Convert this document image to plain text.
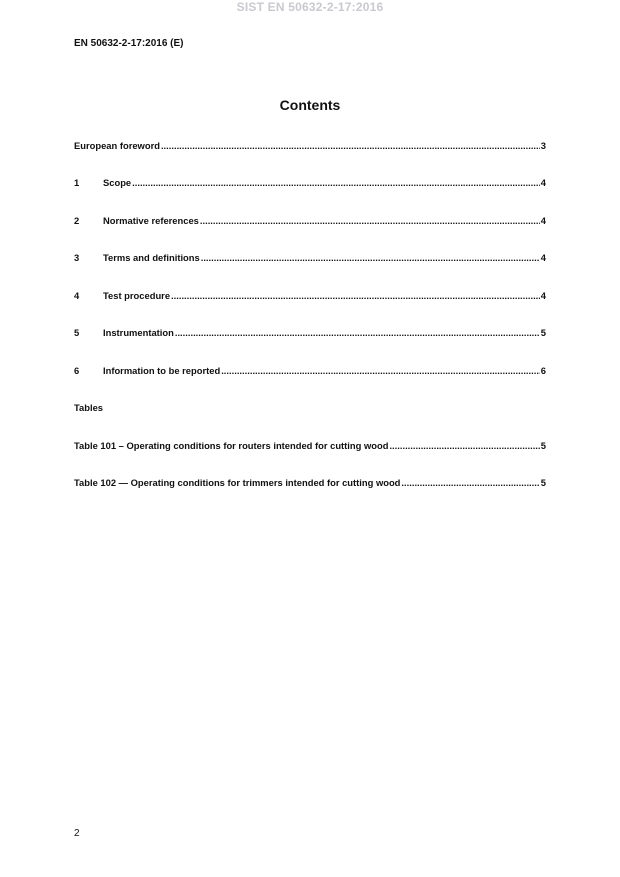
SIST EN 50632-2-17:2016
EN 50632-2-17:2016 (E)
Contents
European foreword .....	3
1	Scope .....	4
2	Normative references .....	4
3	Terms and definitions .....	4
4	Test procedure .....	4
5	Instrumentation .....	5
6	Information to be reported .....	6
Tables
Table 101 – Operating conditions for routers intended for cutting wood .....	5
Table 102 — Operating conditions for trimmers intended for cutting wood .....	5
2
